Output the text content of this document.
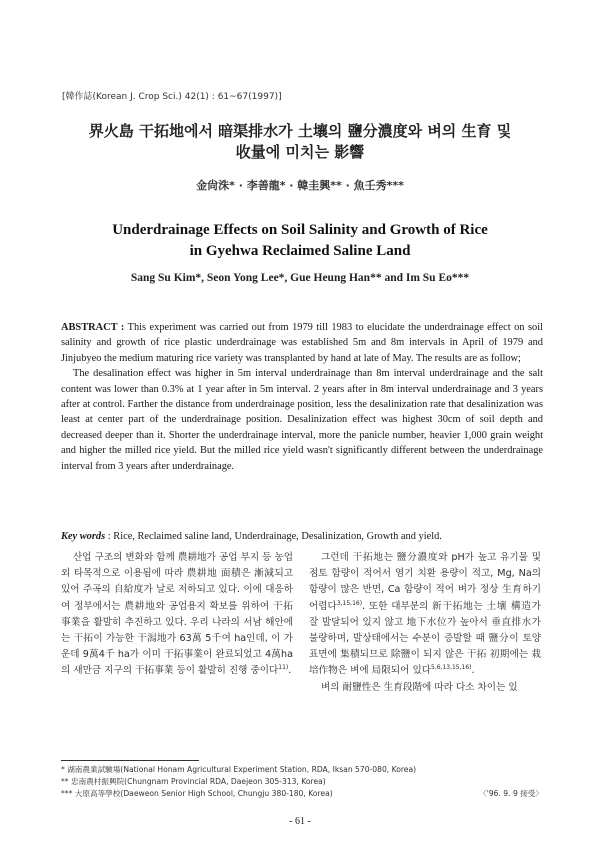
[韓作誌(Korean J. Crop Sci.) 42(1) : 61~67(1997)]
界火島 干拓地에서 暗渠排水가 土壤의 鹽分濃度와 벼의 生育 및
收量에 미치는 影響
金尙洙* · 李善龍* · 韓圭興** · 魚壬秀***
Underdrainage Effects on Soil Salinity and Growth of Rice
in Gyehwa Reclaimed Saline Land
Sang Su Kim*, Seon Yong Lee*, Gue Heung Han** and Im Su Eo***

ABSTRACT : This experiment was carried out from 1979 till 1983 to elucidate the underdrainage effect on soil salinity and growth of rice plastic underdrainage was established 5m and 8m intervals in April of 1979 and Jinjubyeo the medium maturing rice variety was transplanted by hand at late of May. The results are as follow;

The desalination effect was higher in 5m interval underdrainage than 8m interval underdrainage and the salt content was lower than 0.3% at 1 year after in 5m interval. 2 years after in 8m interval underdrainage and 3 years after at control. Farther the distance from underdrainage position, less the desalinization rate that desalinization was least at center part of the underdrainage position. Desalinization effect was highest 30cm of soil depth and decreased deeper than it. Shorter the underdrainage interval, more the panicle number, heavier 1,000 grain weight and higher the milled rice yield. But the milled rice yield wasn't significantly different between the underdrainage interval from 3 years after underdrainage.

Key words : Rice, Reclaimed saline land, Underdrainage, Desalinization, Growth and yield.

산업 구조의 변화와 함께 農耕地가 공업 부지 등 농업외 타목적으로 이용됨에 따라 農耕地 面積은 漸減되고 있어 주곡의 自給度가 날로 저하되고 있다. 이에 대응하여 정부에서는 農耕地와 공업용지 확보를 위하여 干拓事業을 활발히 추진하고 있다. 우리 나라의 서남 해안에는 干拓이 가능한 干潟地가 63萬 5千여 ha인데, 이 가운데 9萬4千 ha가 이미 干拓事業이 완료되었고 4萬ha의 새만금 지구의 干拓事業 등이 활발히 진행 중이다$^{11)}$.

그런데 干拓地는 鹽分濃度와 pH가 높고 유기물 및 점토 함량이 적어서 염기 치환 용량이 적고, Mg, Na의 함량이 많은 반면, Ca 함량이 적어 벼가 정상 生育하기 어렵다$^{3,15,16)}$. 또한 대부분의 新干拓地는 土壤 構造가 잘 발달되어 있지 않고 地下水位가 높아서 垂直排水가 불량하며, 발상태에서는 수분이 증발할 때 鹽分이 토양 표면에 集積되므로 除鹽이 되지 않은 干拓 初期에는 栽培作物은 벼에 局限되어 있다$^{5,6,13,15,16)}$.

벼의 耐鹽性은 生育段階에 따라 다소 차이는 있

* 湖南農業試驗場(National Honam Agricultural Experiment Station, RDA, Iksan 570-080, Korea)
** 忠南農村振興院(Chungnam Provincial RDA, Daejeon 305-313, Korea)
*** 大原高等學校(Daeweon Senior High School, Chungju 380-180, Korea)	〈'96. 9. 9 接受〉
- 61 -
